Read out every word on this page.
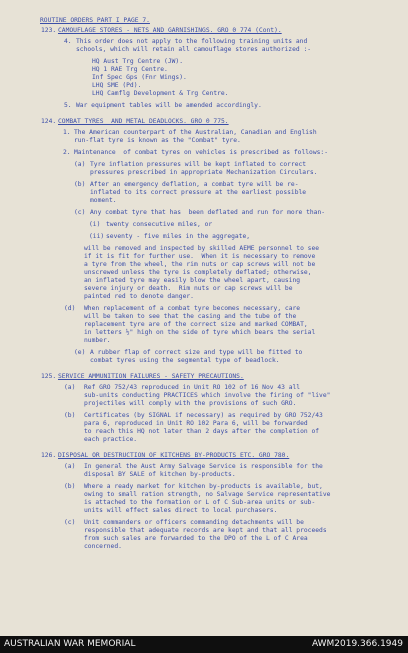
ROUTINE ORDERS PART I PAGE 7.
123. CAMOUFLAGE STORES - NETS AND GARNISHINGS. GRO 0 774 (Cont).
4. This order does not apply to the following training units and
schools, which will retain all camouflage stores authorized :-
HQ Aust Trg Centre (JW).
HQ 1 RAE Trg Centre.
Inf Spec Gps (Fnr Wings).
LHQ SME (Pd).
LHQ Camflg Development & Trg Centre.
5. War equipment tables will be amended accordingly.
124. COMBAT TYRES  AND METAL DEADLOCKS. GRO 0 775.
1. The American counterpart of the Australian, Canadian and English
run-flat tyre is known as the "Combat" tyre.
2. Maintenance  of combat tyres on vehicles is prescribed as follows:-
(a) Tyre inflation pressures will be kept inflated to correct
pressures prescribed in appropriate Mechanization Circulars.
(b) After an emergency deflation, a combat tyre will be re-
inflated to its correct pressure at the earliest possible
moment.
(c) Any combat tyre that has  been deflated and run for more than-
(i) twenty consecutive miles, or
(ii) seventy - five miles in the aggregate,
will be removed and inspected by skilled AEME personnel to see
if it is fit for further use.  When it is necessary to remove
a tyre from the wheel, the rim nuts or cap screws will not be
unscrewed unless the tyre is completely deflated; otherwise,
an inflated tyre may easily blow the wheel apart, causing
severe injury or death.  Rim nuts or cap screws will be
painted red to denote danger.
(d) When replacement of a combat tyre becomes necessary, care
will be taken to see that the casing and the tube of the
replacement tyre are of the correct size and marked COMBAT,
in letters ½" high on the side of tyre which bears the serial
number.
(e) A rubber flap of correct size and type will be fitted to
combat tyres using the segmental type of beadlock.
125. SERVICE AMMUNITION FAILURES - SAFETY PRECAUTIONS.
(a) Ref GRO 752/43 reproduced in Unit RO 102 of 16 Nov 43 all
sub-units conducting PRACTICES which involve the firing of "live"
projectiles will comply with the provisions of such GRO.
(b) Certificates (by SIGNAL if necessary) as required by GRO 752/43
para 6, reproduced in Unit RO 102 Para 6, will be forwarded
to reach this HQ not later than 2 days after the completion of
each practice.
126. DISPOSAL OR DESTRUCTION OF KITCHENS BY-PRODUCTS ETC. GRO 780.
(a) In general the Aust Army Salvage Service is responsible for the
disposal BY SALE of kitchen by-products.
(b) Where a ready market for kitchen by-products is available, but,
owing to small ration strength, no Salvage Service representative
is attached to the formation or L of C Sub-area units or sub-
units will effect sales direct to local purchasers.
(c) Unit commanders or officers commanding detachments will be
responsible that adequate records are kept and that all proceeds
from such sales are forwarded to the DPO of the L of C Area
concerned.
AUSTRALIAN WAR MEMORIAL	AWM2019.366.1949
